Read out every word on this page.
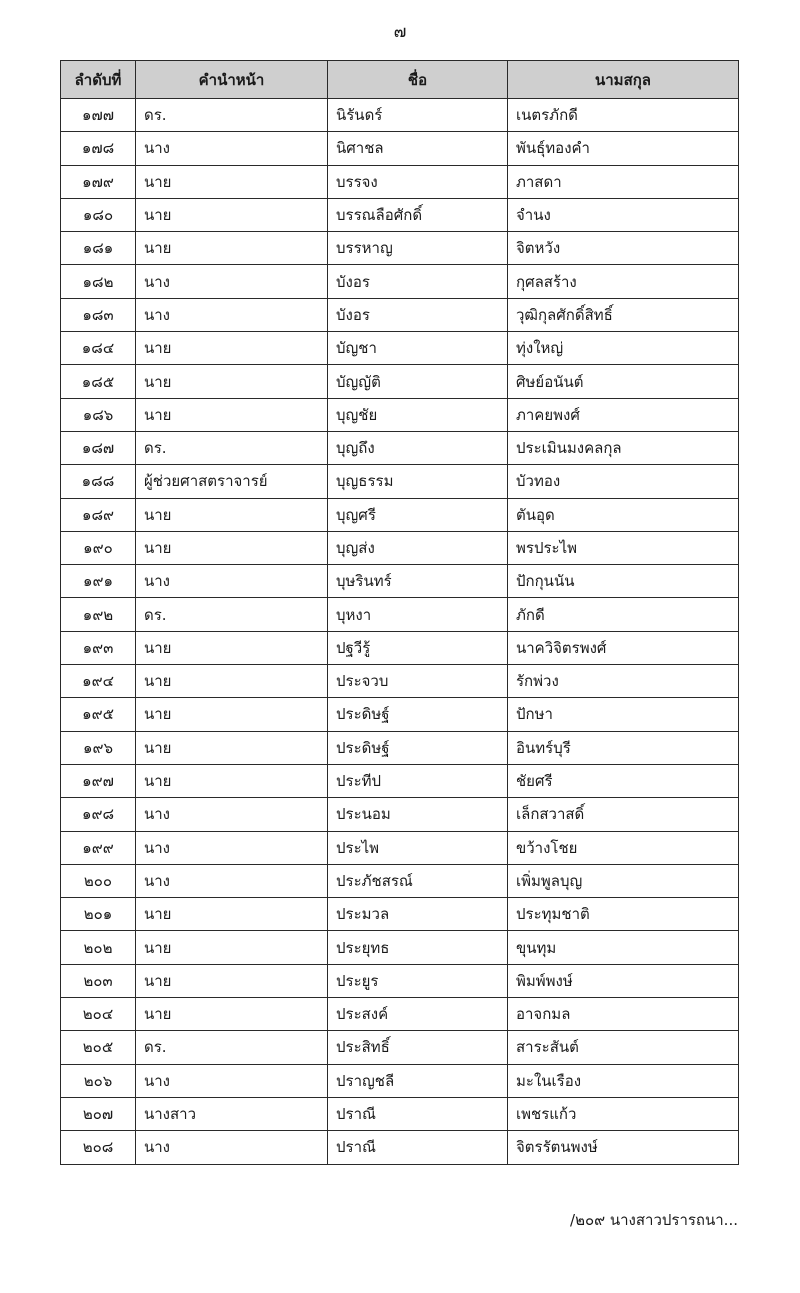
๗
ลำดับที่	คำนำหน้า	ชื่อ	นามสกุล
๑๗๗	ดร.	นิรันดร์	เนตรภักดี
๑๗๘	นาง	นิศาชล	พันธุ์ทองคำ
๑๗๙	นาย	บรรจง	ภาสดา
๑๘๐	นาย	บรรณลือศักดิ์	จำนง
๑๘๑	นาย	บรรหาญ	จิตหวัง
๑๘๒	นาง	บังอร	กุศลสร้าง
๑๘๓	นาง	บังอร	วุฒิกุลศักดิ์สิทธิ์
๑๘๔	นาย	บัญชา	ทุ่งใหญ่
๑๘๕	นาย	บัญญัติ	ศิษย์อนันต์
๑๘๖	นาย	บุญชัย	ภาคยพงศ์
๑๘๗	ดร.	บุญถึง	ประเมินมงคลกุล
๑๘๘	ผู้ช่วยศาสตราจารย์	บุญธรรม	บัวทอง
๑๘๙	นาย	บุญศรี	ตันอุด
๑๙๐	นาย	บุญส่ง	พรประไพ
๑๙๑	นาง	บุษรินทร์	ปักกุนนัน
๑๙๒	ดร.	บุหงา	ภักดี
๑๙๓	นาย	ปฐวีรู้	นาควิจิตรพงศ์
๑๙๔	นาย	ประจวบ	รักพ่วง
๑๙๕	นาย	ประดิษฐ์	ปักษา
๑๙๖	นาย	ประดิษฐ์	อินทร์บุรี
๑๙๗	นาย	ประทีป	ชัยศรี
๑๙๘	นาง	ประนอม	เล็กสวาสดิ์
๑๙๙	นาง	ประไพ	ขว้างโชย
๒๐๐	นาง	ประภัชสรณ์	เพิ่มพูลบุญ
๒๐๑	นาย	ประมวล	ประทุมชาติ
๒๐๒	นาย	ประยุทธ	ขุนทุม
๒๐๓	นาย	ประยูร	พิมพ์พงษ์
๒๐๔	นาย	ประสงค์	อาจกมล
๒๐๕	ดร.	ประสิทธิ์	สาระสันต์
๒๐๖	นาง	ปราญชลี	มะในเรือง
๒๐๗	นางสาว	ปราณี	เพชรแก้ว
๒๐๘	นาง	ปราณี	จิตรรัตนพงษ์
/๒๐๙ นางสาวปรารถนา...
